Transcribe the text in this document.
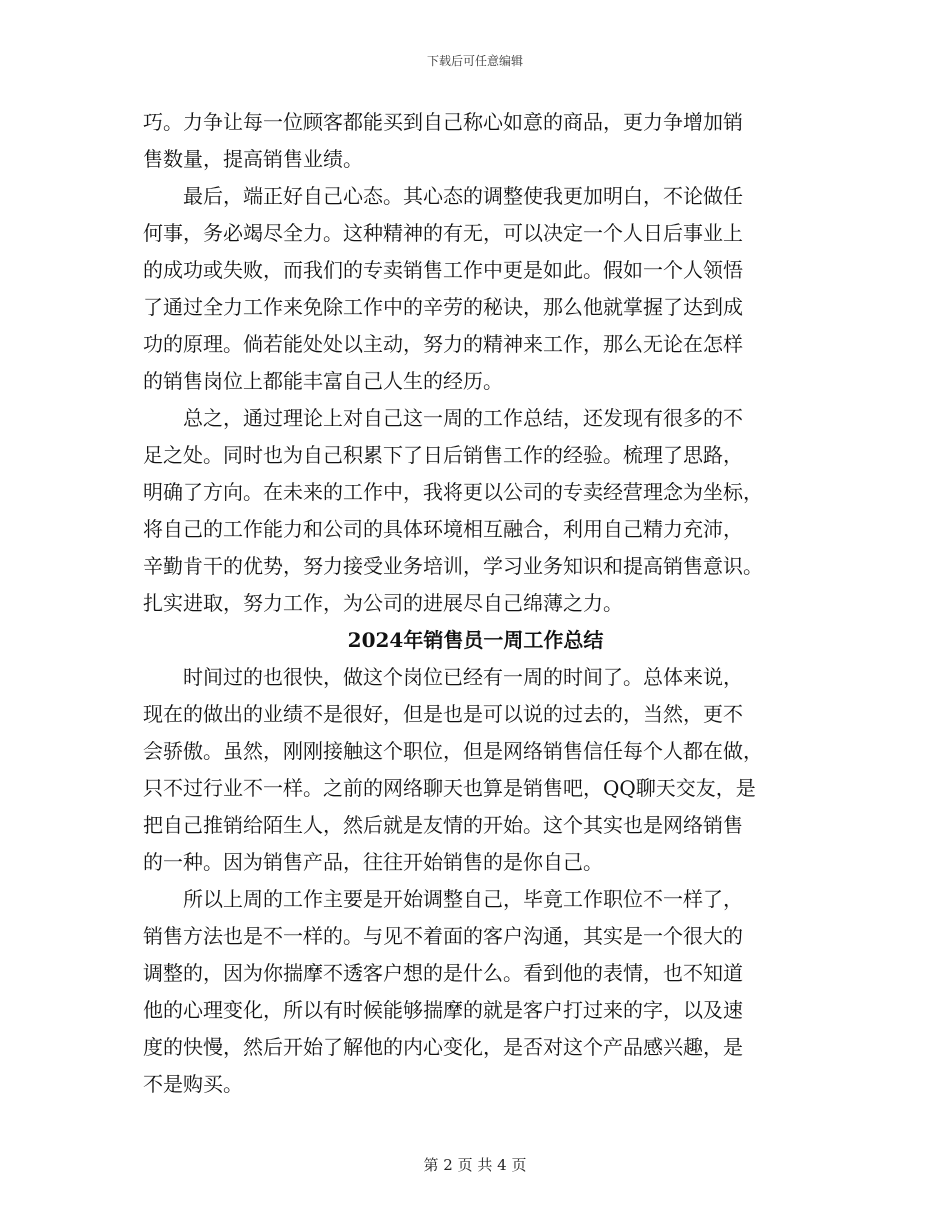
下载后可任意编辑
巧。力争让每一位顾客都能买到自己称心如意的商品，更力争增加销
售数量，提高销售业绩。
　　最后，端正好自己心态。其心态的调整使我更加明白，不论做任
何事，务必竭尽全力。这种精神的有无，可以决定一个人日后事业上
的成功或失败，而我们的专卖销售工作中更是如此。假如一个人领悟
了通过全力工作来免除工作中的辛劳的秘诀，那么他就掌握了达到成
功的原理。倘若能处处以主动，努力的精神来工作，那么无论在怎样
的销售岗位上都能丰富自己人生的经历。
　　总之，通过理论上对自己这一周的工作总结，还发现有很多的不
足之处。同时也为自己积累下了日后销售工作的经验。梳理了思路，
明确了方向。在未来的工作中，我将更以公司的专卖经营理念为坐标，
将自己的工作能力和公司的具体环境相互融合，利用自己精力充沛，
辛勤肯干的优势，努力接受业务培训，学习业务知识和提高销售意识。
扎实进取，努力工作，为公司的进展尽自己绵薄之力。
2024年销售员一周工作总结
　　时间过的也很快，做这个岗位已经有一周的时间了。总体来说，
现在的做出的业绩不是很好，但是也是可以说的过去的，当然，更不
会骄傲。虽然，刚刚接触这个职位，但是网络销售信任每个人都在做，
只不过行业不一样。之前的网络聊天也算是销售吧，QQ聊天交友，是
把自己推销给陌生人，然后就是友情的开始。这个其实也是网络销售
的一种。因为销售产品，往往开始销售的是你自己。
　　所以上周的工作主要是开始调整自己，毕竟工作职位不一样了，
销售方法也是不一样的。与见不着面的客户沟通，其实是一个很大的
调整的，因为你揣摩不透客户想的是什么。看到他的表情，也不知道
他的心理变化，所以有时候能够揣摩的就是客户打过来的字，以及速
度的快慢，然后开始了解他的内心变化，是否对这个产品感兴趣，是
不是购买。
第 2 页 共 4 页
